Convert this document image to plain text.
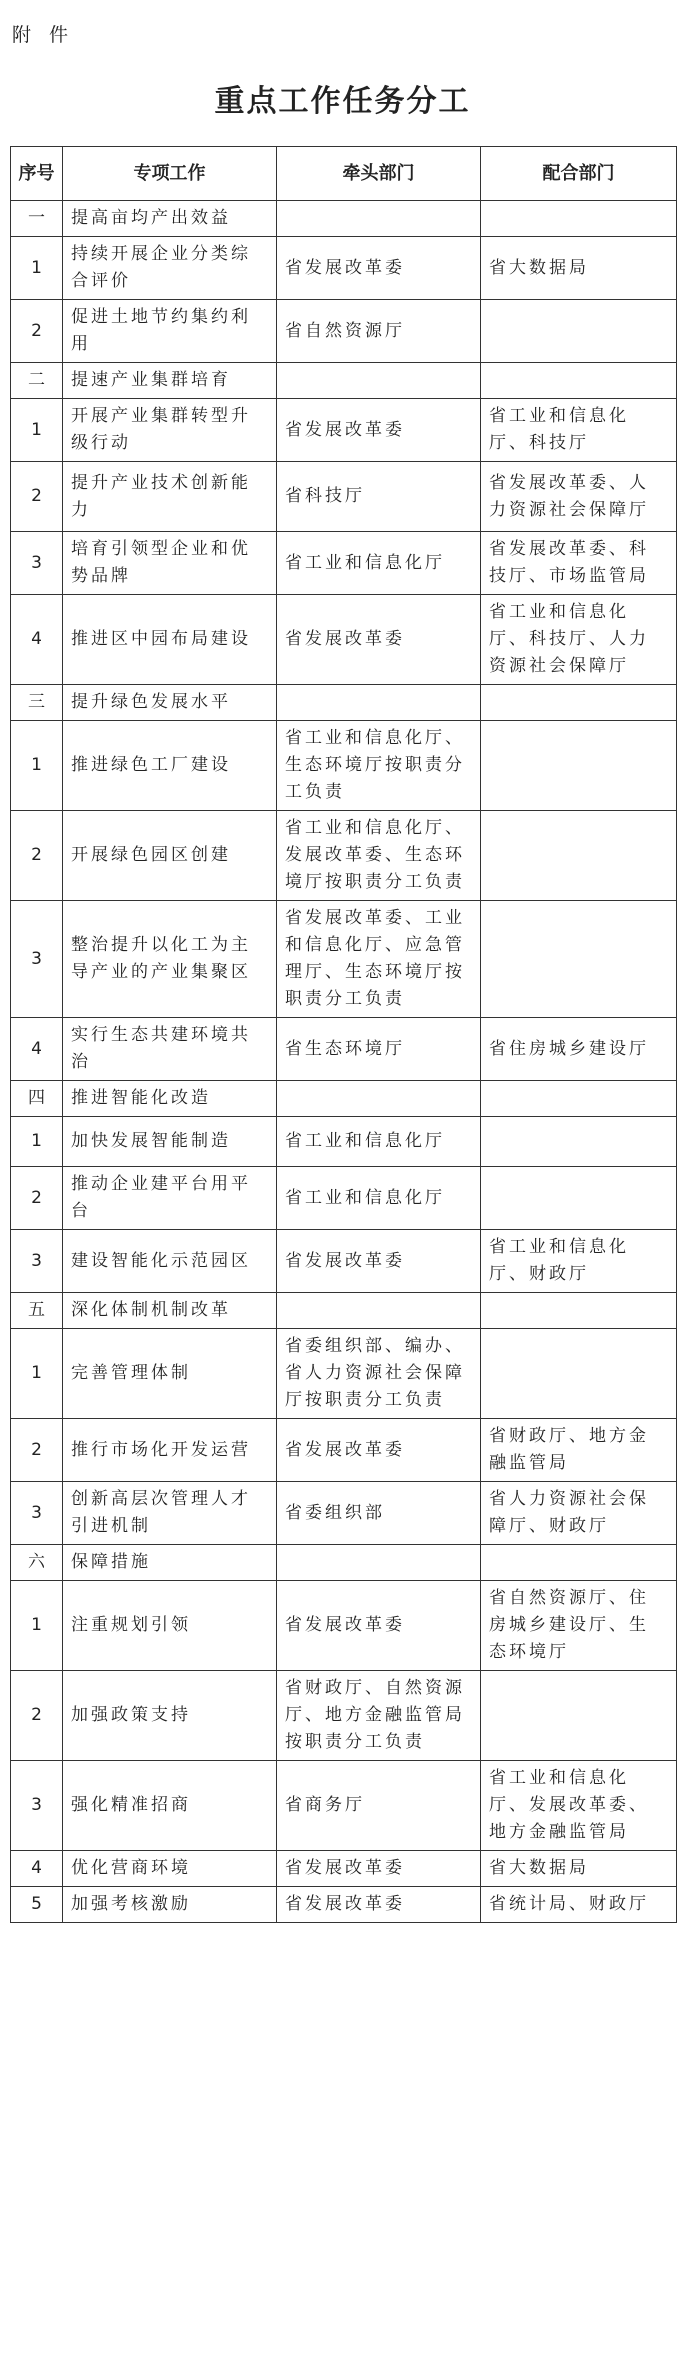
附 件
重点工作任务分工
序号	专项工作	牵头部门	配合部门
一	提高亩均产出效益		
1	持续开展企业分类综合评价	省发展改革委	省大数据局
2	促进土地节约集约利用	省自然资源厅	
二	提速产业集群培育		
1	开展产业集群转型升级行动	省发展改革委	省工业和信息化厅、科技厅
2	提升产业技术创新能力	省科技厅	省发展改革委、人力资源社会保障厅
3	培育引领型企业和优势品牌	省工业和信息化厅	省发展改革委、科技厅、市场监管局
4	推进区中园布局建设	省发展改革委	省工业和信息化厅、科技厅、人力资源社会保障厅
三	提升绿色发展水平		
1	推进绿色工厂建设	省工业和信息化厅、生态环境厅按职责分工负责	
2	开展绿色园区创建	省工业和信息化厅、发展改革委、生态环境厅按职责分工负责	
3	整治提升以化工为主导产业的产业集聚区	省发展改革委、工业和信息化厅、应急管理厅、生态环境厅按职责分工负责	
4	实行生态共建环境共治	省生态环境厅	省住房城乡建设厅
四	推进智能化改造		
1	加快发展智能制造	省工业和信息化厅	
2	推动企业建平台用平台	省工业和信息化厅	
3	建设智能化示范园区	省发展改革委	省工业和信息化厅、财政厅
五	深化体制机制改革		
1	完善管理体制	省委组织部、编办、省人力资源社会保障厅按职责分工负责	
2	推行市场化开发运营	省发展改革委	省财政厅、地方金融监管局
3	创新高层次管理人才引进机制	省委组织部	省人力资源社会保障厅、财政厅
六	保障措施		
1	注重规划引领	省发展改革委	省自然资源厅、住房城乡建设厅、生态环境厅
2	加强政策支持	省财政厅、自然资源厅、地方金融监管局按职责分工负责	
3	强化精准招商	省商务厅	省工业和信息化厅、发展改革委、地方金融监管局
4	优化营商环境	省发展改革委	省大数据局
5	加强考核激励	省发展改革委	省统计局、财政厅
